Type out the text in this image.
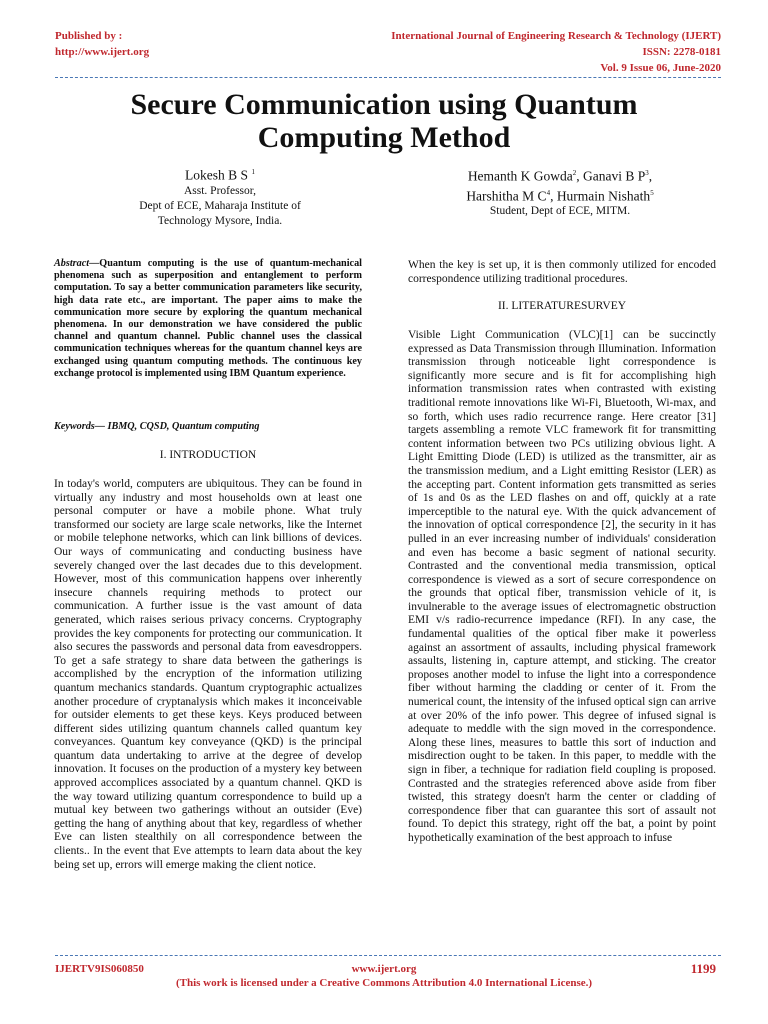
Published by :
http://www.ijert.org
International Journal of Engineering Research & Technology (IJERT)
ISSN: 2278-0181
Vol. 9 Issue 06, June-2020
Secure Communication using Quantum Computing Method
Lokesh B S $^1$
Asst. Professor,
Dept of ECE, Maharaja Institute of
Technology Mysore, India.
Hemanth K Gowda$^2$, Ganavi B $P^3$,
Harshitha M $C^4$, Hurmain Nishath$^5$
Student, Dept of ECE, MITM.
Abstract—Quantum computing is the use of quantum-mechanical phenomena such as superposition and entanglement to perform computation. To say a better communication parameters like security, high data rate etc., are important. The paper aims to make the communication more secure by exploring the quantum mechanical phenomena. In our demonstration we have considered the public channel and quantum channel. Public channel uses the classical communication techniques whereas for the quantum channel keys are exchanged using quantum computing methods. The continuous key exchange protocol is implemented using IBM Quantum experience.
Keywords— IBMQ, CQSD, Quantum computing
I. INTRODUCTION
In today's world, computers are ubiquitous. They can be found in virtually any industry and most households own at least one personal computer or have a mobile phone. What truly transformed our society are large scale networks, like the Internet or mobile telephone networks, which can link billions of devices. Our ways of communicating and conducting business have severely changed over the last decades due to this development. However, most of this communication happens over inherently insecure channels requiring methods to protect our communication. A further issue is the vast amount of data generated, which raises serious privacy concerns. Cryptography provides the key components for protecting our communication. It also secures the passwords and personal data from eavesdroppers. To get a safe strategy to share data between the gatherings is accomplished by the encryption of the information utilizing quantum mechanics standards. Quantum cryptographic actualizes another procedure of cryptanalysis which makes it inconceivable for outsider elements to get these keys. Keys produced between different sides utilizing quantum channels called quantum key conveyances. Quantum key conveyance (QKD) is the principal quantum data undertaking to arrive at the degree of develop innovation. It focuses on the production of a mystery key between approved accomplices associated by a quantum channel. QKD is the way toward utilizing quantum correspondence to build up a mutual key between two gatherings without an outsider (Eve) getting the hang of anything about that key, regardless of whether Eve can listen stealthily on all correspondence between the clients.. In the event that Eve attempts to learn data about the key being set up, errors will emerge making the client notice.
When the key is set up, it is then commonly utilized for encoded correspondence utilizing traditional procedures.
II. LITERATURESURVEY
Visible Light Communication (VLC)[1] can be succinctly expressed as Data Transmission through Illumination. Information transmission through noticeable light correspondence is significantly more secure and is fit for accomplishing high information transmission rates when contrasted with existing traditional remote innovations like Wi-Fi, Bluetooth, Wi-max, and so forth, which uses radio recurrence range. Here creator [31] targets assembling a remote VLC framework fit for transmitting content information between two PCs utilizing obvious light. A Light Emitting Diode (LED) is utilized as the transmitter, air as the transmission medium, and a Light emitting Resistor (LER) as the accepting part. Content information gets transmitted as series of 1s and 0s as the LED flashes on and off, quickly at a rate imperceptible to the natural eye. With the quick advancement of the innovation of optical correspondence [2], the security in it has pulled in an ever increasing number of individuals' consideration and even has become a basic segment of national security. Contrasted and the conventional media transmission, optical correspondence is viewed as a sort of secure correspondence on the grounds that optical fiber, transmission vehicle of it, is invulnerable to the average issues of electromagnetic obstruction EMI v/s radio-recurrence impedance (RFI). In any case, the fundamental qualities of the optical fiber make it powerless against an assortment of assaults, including physical framework assaults, listening in, capture attempt, and sticking. The creator proposes another model to infuse the light into a correspondence fiber without harming the cladding or center of it. From the numerical count, the intensity of the infused optical sign can arrive at over 20% of the info power. This degree of infused signal is adequate to meddle with the sign moved in the correspondence. Along these lines, measures to battle this sort of induction and misdirection ought to be taken. In this paper, to meddle with the sign in fiber, a technique for radiation field coupling is proposed. Contrasted and the strategies referenced above aside from fiber twisted, this strategy doesn't harm the center or cladding of correspondence fiber that can guarantee this sort of assault not found. To depict this strategy, right off the bat, a point by point hypothetically examination of the best approach to infuse
IJERTV9IS060850	www.ijert.org
(This work is licensed under a Creative Commons Attribution 4.0 International License.)
1199
